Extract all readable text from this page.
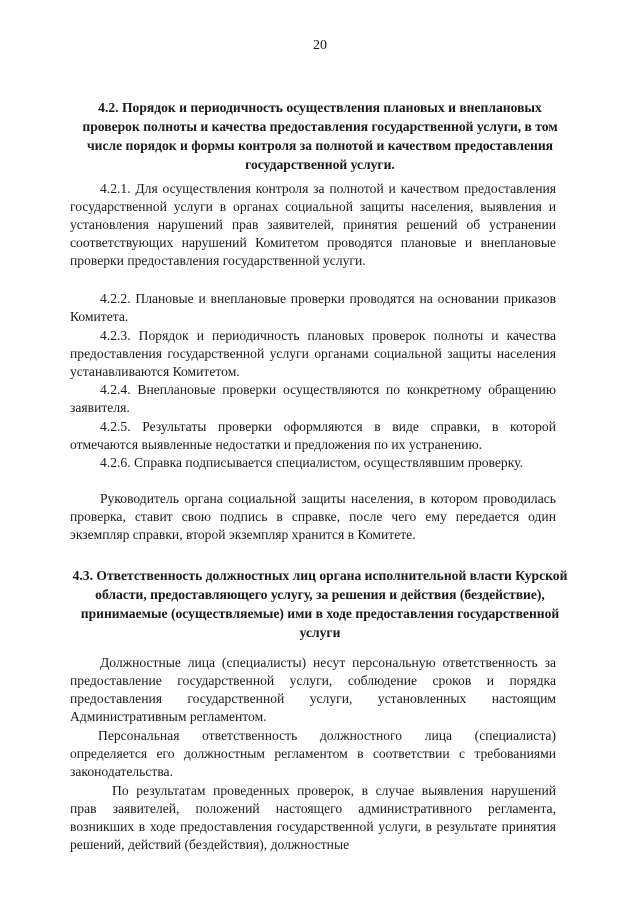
20
4.2. Порядок и периодичность осуществления плановых и внеплановых проверок полноты и качества предоставления государственной услуги, в том числе порядок и формы контроля за полнотой и качеством предоставления государственной услуги.

4.2.1. Для осуществления контроля за полнотой и качеством предоставления государственной услуги в органах социальной защиты населения, выявления и установления нарушений прав заявителей, принятия решений об устранении соответствующих нарушений Комитетом проводятся плановые и внеплановые проверки предоставления государственной услуги.

4.2.2. Плановые и внеплановые проверки проводятся на основании приказов Комитета.

4.2.3. Порядок и периодичность плановых проверок полноты и качества предоставления государственной услуги органами социальной защиты населения устанавливаются Комитетом.

4.2.4. Внеплановые проверки осуществляются по конкретному обращению заявителя.

4.2.5. Результаты проверки оформляются в виде справки, в которой отмечаются выявленные недостатки и предложения по их устранению.

4.2.6. Справка подписывается специалистом, осуществлявшим проверку.

Руководитель органа социальной защиты населения, в котором проводилась проверка, ставит свою подпись в справке, после чего ему передается один экземпляр справки, второй экземпляр хранится в Комитете.

4.3. Ответственность должностных лиц органа исполнительной власти Курской области, предоставляющего услугу, за решения и действия (бездействие), принимаемые (осуществляемые) ими в ходе предоставления государственной услуги

Должностные лица (специалисты) несут персональную ответственность за предоставление государственной услуги, соблюдение сроков и порядка предоставления государственной услуги, установленных настоящим Административным регламентом.

Персональная ответственность должностного лица (специалиста) определяется его должностным регламентом в соответствии с требованиями законодательства.

По результатам проведенных проверок, в случае выявления нарушений прав заявителей, положений настоящего административного регламента, возникших в ходе предоставления государственной услуги, в результате принятия решений, действий (бездействия), должностные
